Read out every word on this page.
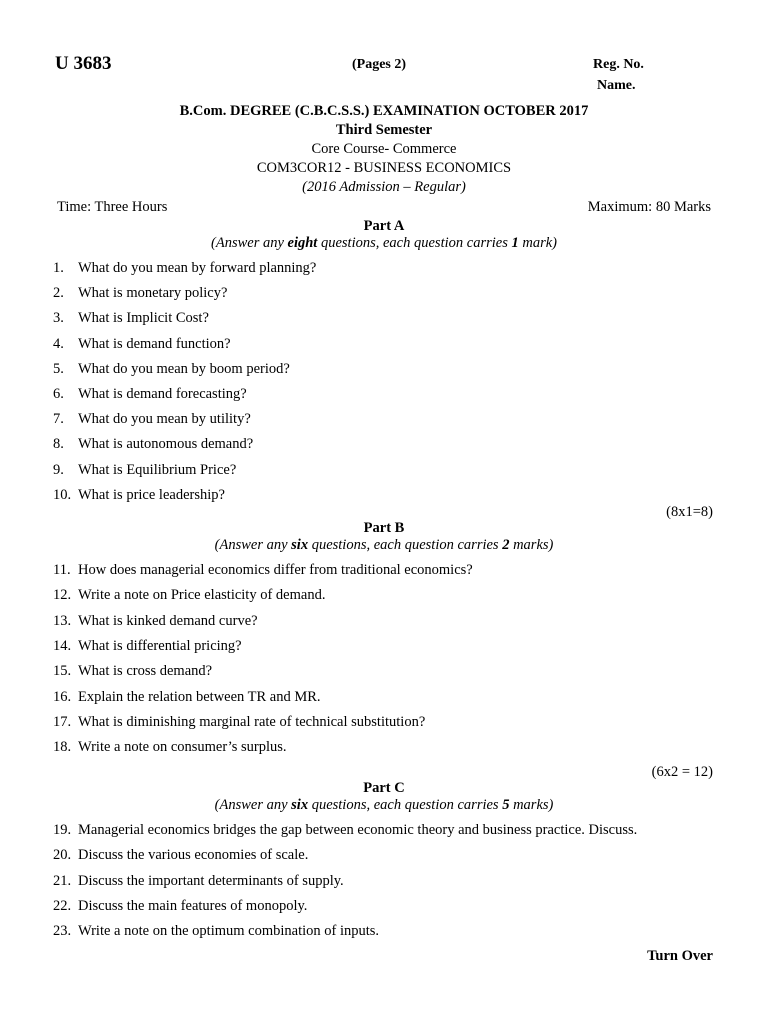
U 3683	(Pages 2)	Reg. No.
Name.
B.Com. DEGREE (C.B.C.S.S.) EXAMINATION OCTOBER 2017
Third Semester
Core Course- Commerce
COM3COR12 - BUSINESS ECONOMICS
(2016 Admission – Regular)
Time: Three Hours	Maximum: 80 Marks
Part A
(Answer any eight questions, each question carries 1 mark)
1. What do you mean by forward planning?
2. What is monetary policy?
3. What is Implicit Cost?
4. What is demand function?
5. What do you mean by boom period?
6. What is demand forecasting?
7. What do you mean by utility?
8. What is autonomous demand?
9. What is Equilibrium Price?
10. What is price leadership?
(8x1=8)
Part B
(Answer any six questions, each question carries 2 marks)
11. How does managerial economics differ from traditional economics?
12. Write a note on Price elasticity of demand.
13. What is kinked demand curve?
14. What is differential pricing?
15. What is cross demand?
16. Explain the relation between TR and MR.
17. What is diminishing marginal rate of technical substitution?
18. Write a note on consumer’s surplus.
(6x2 = 12)
Part C
(Answer any six questions, each question carries 5 marks)
19. Managerial economics bridges the gap between economic theory and business practice. Discuss.
20. Discuss the various economies of scale.
21. Discuss the important determinants of supply.
22. Discuss the main features of monopoly.
23. Write a note on the optimum combination of inputs.
Turn Over
